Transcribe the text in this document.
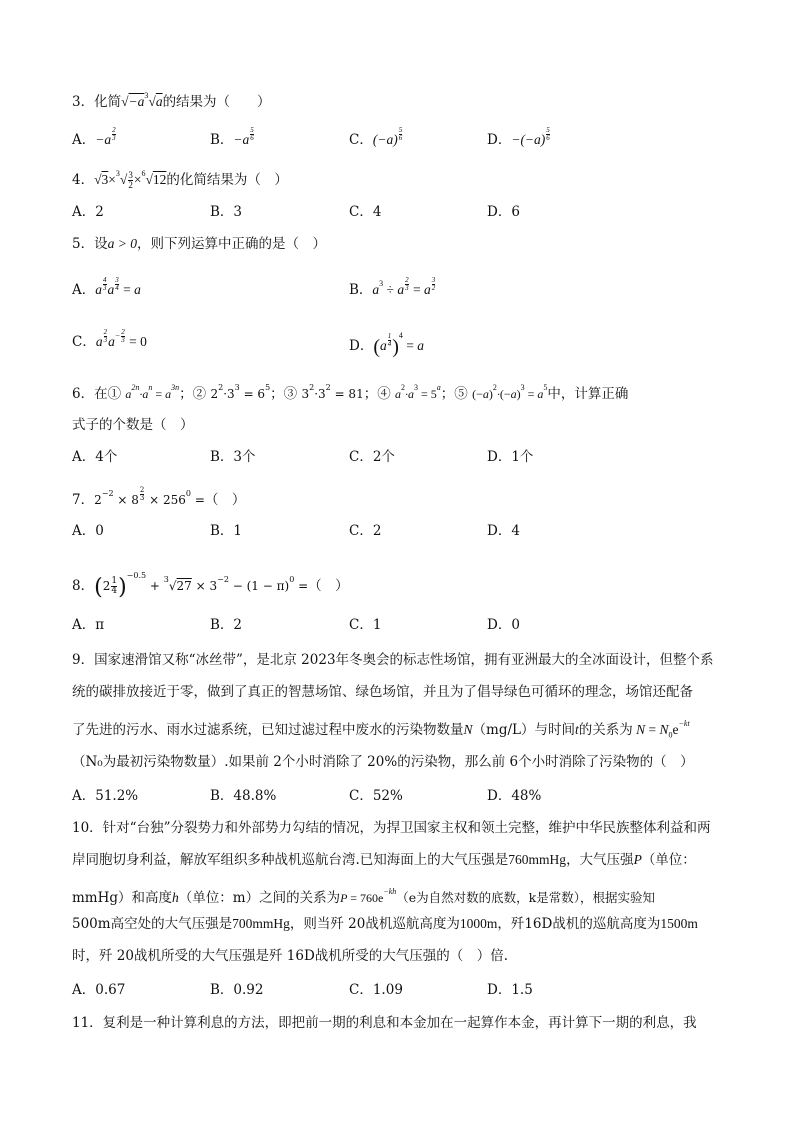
3．化简$√-a^3√a$的结果为（　　）
A．−a $^{\frac{2}{3}}$	B．−a $^{\frac{5}{6}}$	C．(−a) $^{\frac{5}{6}}$	D．−(−a) $^{\frac{5}{6}}$
4．$√3\times^3√ \frac{3}{2} \times^6√12$的化简结果为（　）
A．2	B．3	C．4	D．6
5．设a > 0，则下列运算中正确的是（　）
A．a $^{\frac{4}{3}}$ a $^{\frac{3}{4}}$ = a	B．$a^3 \div a$ $^{\frac{2}{3}}$ = a $^{\frac{3}{2}}$
C．a $^{\frac{2}{3}}$ $a^{- \frac{2}{3}} = 0$	D．(a $^{\frac{1}{4}}$ )$^4$ = a
6．在① $a^{2n}\cdot a^n = a^{3n}$；② $2^2\cdot 3^3 = 6^5$；③ $3^2\cdot 3^2 = 81$；④ $a^2\cdot a^3 = 5^a$；⑤ $(-a)^2\cdot(-a)^3 = a^5$中，计算正确
式子的个数是（　）
A．4个	B．3个	C．2个	D．1个
7．$2^{-2} \times 8$ $^{\frac{2}{3}} \times 256^0$ =（　）
A．0	B．1	C．2	D．4
8．$(2 \frac{1}{4} )^{-0.5} + ^3√27 \times 3^{-2} - (1 - \pi)^0$ =（　）
A．π	B．2	C．1	D．0
9．国家速滑馆又称“冰丝带”，是北京 2023年冬奥会的标志性场馆，拥有亚洲最大的全冰面设计，但整个系
统的碳排放接近于零，做到了真正的智慧场馆、绿色场馆，并且为了倡导绿色可循环的理念，场馆还配备
了先进的污水、雨水过滤系统，已知过滤过程中废水的污染物数量N（mg/L）与时间t的关系为 $N = N_0e^{-kt}$
（N₀为最初污染物数量）.如果前 2个小时消除了 20%的污染物，那么前 6个小时消除了污染物的（　）
A．51.2%	B．48.8%	C．52%	D．48%
10．针对“台独”分裂势力和外部势力勾结的情况，为捍卫国家主权和领土完整，维护中华民族整体利益和两
岸同胞切身利益，解放军组织多种战机巡航台湾.已知海面上的大气压强是760mmHg，大气压强P（单位：
mmHg）和高度h（单位：m）之间的关系为$P = 760e^{-kh}(e$为自然对数的底数，k是常数），根据实验知
500m高空处的大气压强是700mmHg，则当歼 20战机巡航高度为1000m，歼16D战机的巡航高度为1500m
时，歼 20战机所受的大气压强是歼 16D战机所受的大气压强的（　）倍.
A．0.67	B．0.92	C．1.09	D．1.5
11．复利是一种计算利息的方法，即把前一期的利息和本金加在一起算作本金，再计算下一期的利息，我
